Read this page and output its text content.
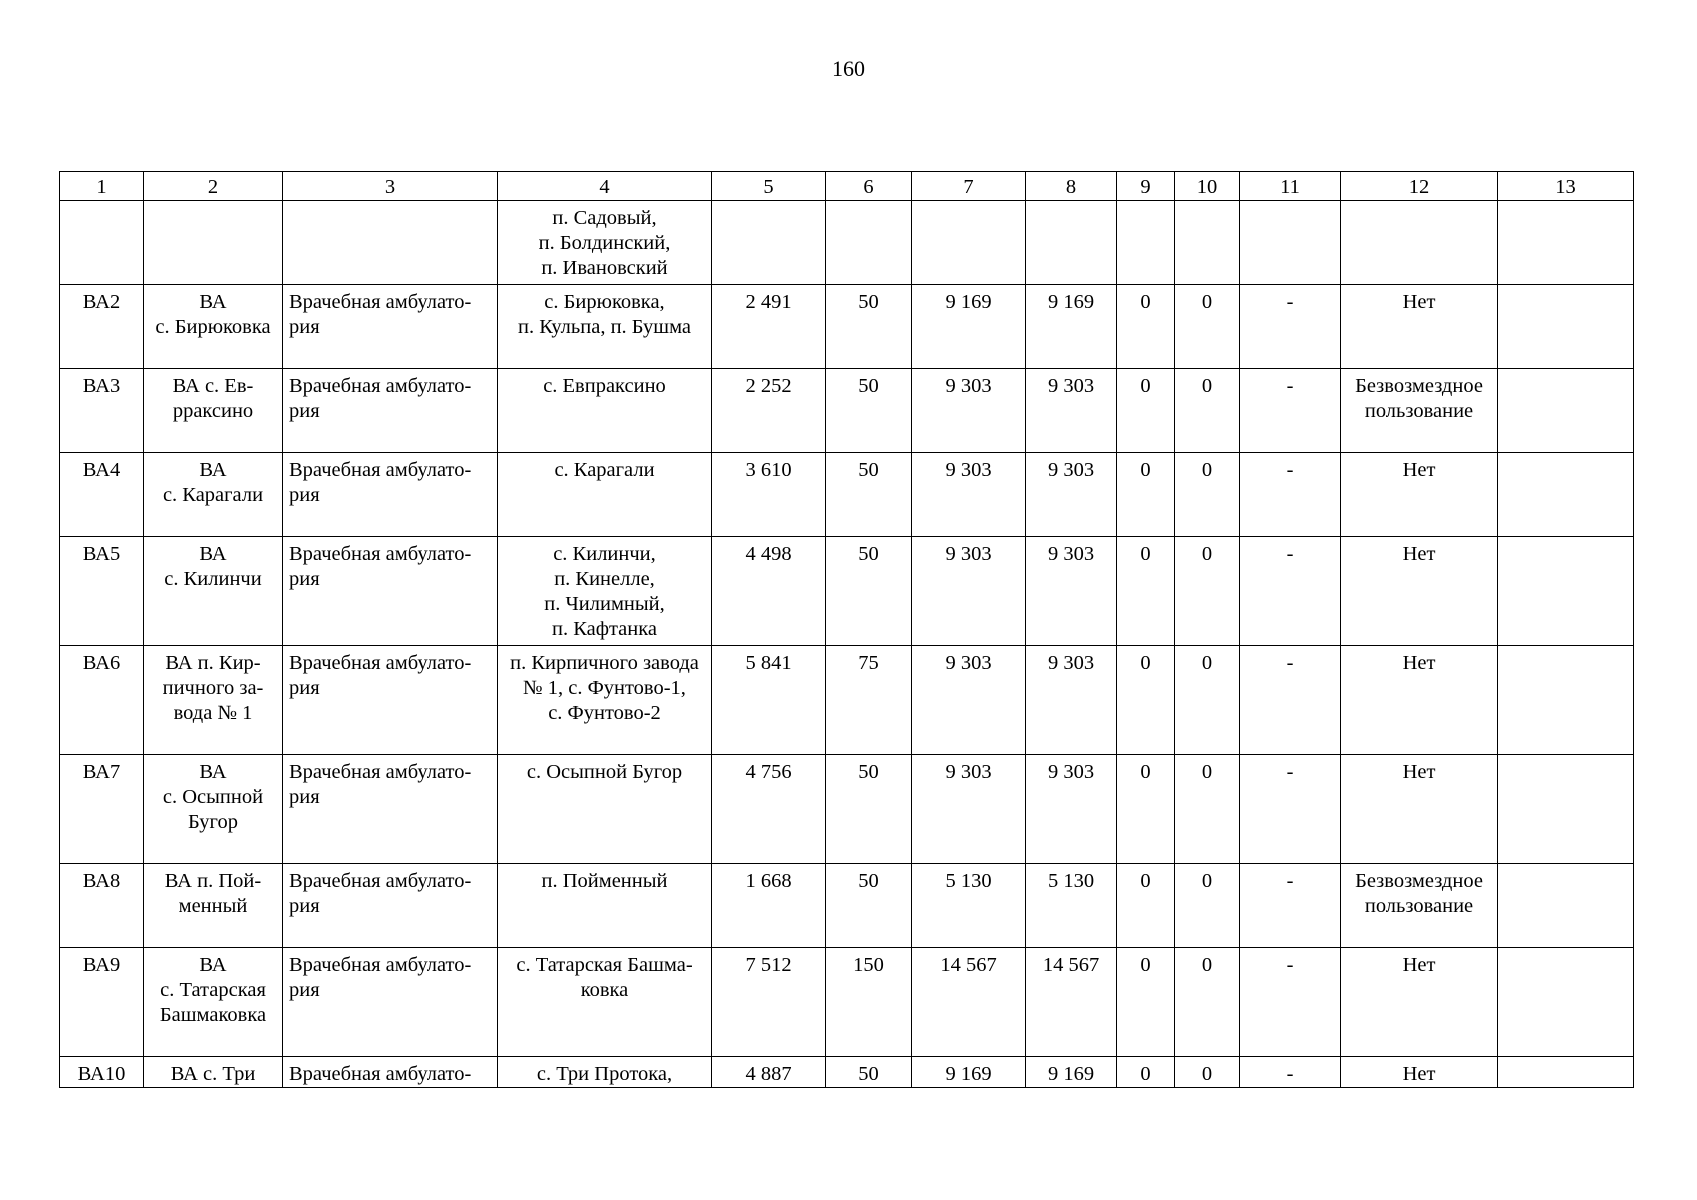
160
1	2	3	4	5	6	7	8	9	10	11	12	13
			п. Садовый,
п. Болдинский,
п. Ивановский									
ВА2	ВА
с. Бирюковка	Врачебная амбулато-
рия	с. Бирюковка,
п. Кульпа, п. Бушма	2 491	50	9 169	9 169	0	0	-	Нет	
ВА3	ВА с. Ев-
pраксино	Врачебная амбулато-
рия	с. Евпраксино	2 252	50	9 303	9 303	0	0	-	Безвозмездное
пользование	
ВА4	ВА
с. Карагали	Врачебная амбулато-
рия	с. Карагали	3 610	50	9 303	9 303	0	0	-	Нет	
ВА5	ВА
с. Килинчи	Врачебная амбулато-
рия	с. Килинчи,
п. Кинелле,
п. Чилимный,
п. Кафтанка	4 498	50	9 303	9 303	0	0	-	Нет	
ВА6	ВА п. Кир-
пичного за-
вода № 1	Врачебная амбулато-
рия	п. Кирпичного завода
№ 1, с. Фунтово-1,
с. Фунтово-2	5 841	75	9 303	9 303	0	0	-	Нет	
ВА7	ВА
с. Осыпной
Бугор	Врачебная амбулато-
рия	с. Осыпной Бугор	4 756	50	9 303	9 303	0	0	-	Нет	
ВА8	ВА п. Пой-
менный	Врачебная амбулато-
рия	п. Пойменный	1 668	50	5 130	5 130	0	0	-	Безвозмездное
пользование	
ВА9	ВА
с. Татарская
Башмаковка	Врачебная амбулато-
рия	с. Татарская Башма-
ковка	7 512	150	14 567	14 567	0	0	-	Нет	
ВА10	ВА с. Три	Врачебная амбулато-	с. Три Протока,	4 887	50	9 169	9 169	0	0	-	Нет	
